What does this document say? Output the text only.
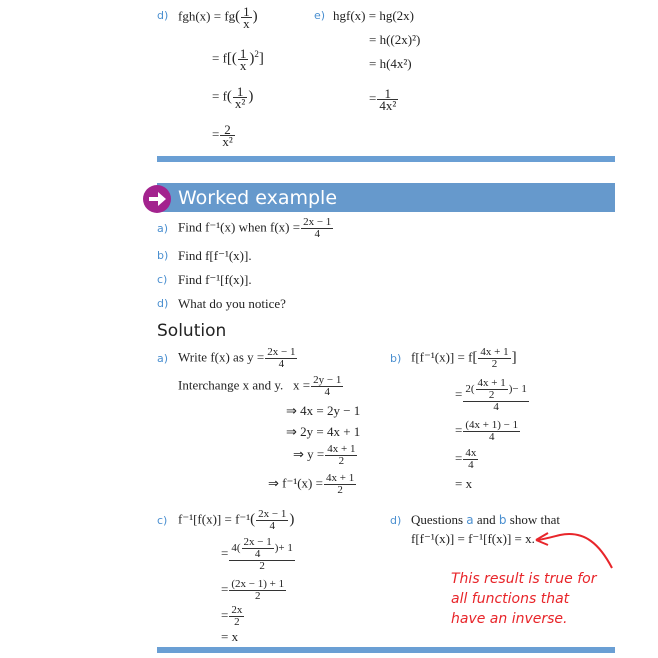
d) $fgh(x) = fg( \frac{1}{x}$ )
= $f[( \frac{1}{x} )^2]$
= $f( \frac{1}{\text{x²}}$ )
= $\frac{2}{\text{x²}}$
e) hgf(x) = hg(2x)
= h((2x)²)
= h(4x²)
= $\frac{1}{\text{4x²}}$
Worked example
a) Find f⁻¹(x) when $f(x) = \frac{2x - 1}{4}$
b) Find f[f⁻¹(x)].
c) Find f⁻¹[f(x)].
d) What do you notice?
Solution
a) Write f(x) as $y = \frac{2x - 1}{4}$
Interchange x and y. $x = \frac{2y - 1}{4}$
⇒ 4x = 2y − 1
⇒ 2y = 4x + 1
⇒ $y = \frac{4x + 1}{2}$
⇒ $f^{-1}(x) = \frac{4x + 1}{2}$
b) $f[f^{-1}(x)] = f[ \frac{4x + 1}{2}$ ]
= $\frac{2( \frac{4x + 1}{2} )- 1}{4}$
= $\frac{(4x + 1) - 1}{4}$
= $\frac{4x}{4}$
= x
c) $f^{-1}[f(x)] = f^{-1}( \frac{2x - 1}{4}$ )
= $\frac{4( \frac{2x - 1}{4} )+ 1}{2}$
= $\frac{(2x - 1) + 1}{2}$
= $\frac{2x}{2}$
= x
d) Questions a and b show that
f[f⁻¹(x)] = f⁻¹[f(x)] = x.
This result is true for
all functions that
have an inverse.
